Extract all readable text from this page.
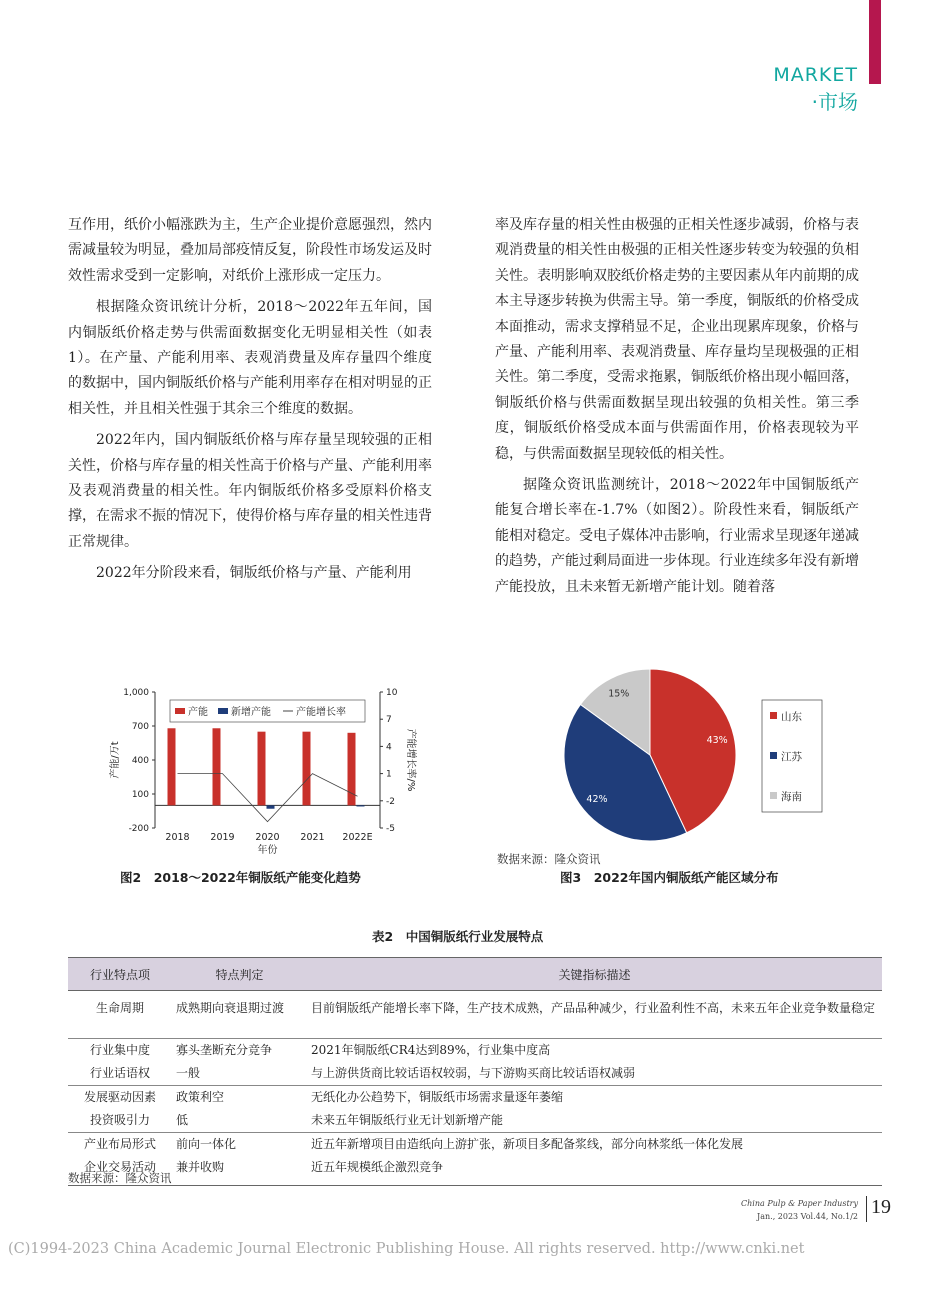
MARKET
·市场

互作用，纸价小幅涨跌为主，生产企业提价意愿强烈，然内需减量较为明显，叠加局部疫情反复，阶段性市场发运及时效性需求受到一定影响，对纸价上涨形成一定压力。

根据隆众资讯统计分析，2018～2022年五年间，国内铜版纸价格走势与供需面数据变化无明显相关性（如表1）。在产量、产能利用率、表观消费量及库存量四个维度的数据中，国内铜版纸价格与产能利用率存在相对明显的正相关性，并且相关性强于其余三个维度的数据。

2022年内，国内铜版纸价格与库存量呈现较强的正相关性，价格与库存量的相关性高于价格与产量、产能利用率及表观消费量的相关性。年内铜版纸价格多受原料价格支撑，在需求不振的情况下，使得价格与库存量的相关性违背正常规律。

2022年分阶段来看，铜版纸价格与产量、产能利用

率及库存量的相关性由极强的正相关性逐步减弱，价格与表观消费量的相关性由极强的正相关性逐步转变为较强的负相关性。表明影响双胶纸价格走势的主要因素从年内前期的成本主导逐步转换为供需主导。第一季度，铜版纸的价格受成本面推动，需求支撑稍显不足，企业出现累库现象，价格与产量、产能利用率、表观消费量、库存量均呈现极强的正相关性。第二季度，受需求拖累，铜版纸价格出现小幅回落，铜版纸价格与供需面数据呈现出较强的负相关性。第三季度，铜版纸价格受成本面与供需面作用，价格表现较为平稳，与供需面数据呈现较低的相关性。

据隆众资讯监测统计，2018～2022年中国铜版纸产能复合增长率在-1.7%（如图2）。阶段性来看，铜版纸产能相对稳定。受电子媒体冲击影响，行业需求呈现逐年递减的趋势，产能过剩局面进一步体现。行业连续多年没有新增产能投放，且未来暂无新增产能计划。随着落

-200
100
400
700
1,000
-5
-2
1
4
7
10
产能/万t	产能增长率/%
2018 2019 2020 2021 2022E
年份
产能 新增产能	产能增长率
图2　2018～2022年铜版纸产能变化趋势
43%
42%
15%
山东
江苏
海南
数据来源：隆众资讯
图3　2022年国内铜版纸产能区域分布
表2　中国铜版纸行业发展特点
行业特点项	特点判定	关键指标描述
生命周期	成熟期向衰退期过渡	目前铜版纸产能增长率下降，生产技术成熟，产品品种减少，行业盈利性不高，未来五年企业竞争数量稳定
行业集中度	寡头垄断充分竞争	2021年铜版纸CR4达到89%，行业集中度高
行业话语权	一般	与上游供货商比较话语权较弱，与下游购买商比较话语权减弱
发展驱动因素	政策利空	无纸化办公趋势下，铜版纸市场需求量逐年萎缩
投资吸引力	低	未来五年铜版纸行业无计划新增产能
产业布局形式	前向一体化	近五年新增项目由造纸向上游扩张，新项目多配备浆线，部分向林浆纸一体化发展
企业交易活动	兼并收购	近五年规模纸企激烈竞争
数据来源：隆众资讯
China Pulp & Paper Industry
Jan., 2023 Vol.44, No.1/2 19
(C)1994-2023 China Academic Journal Electronic Publishing House. All rights reserved. http://www.cnki.net
